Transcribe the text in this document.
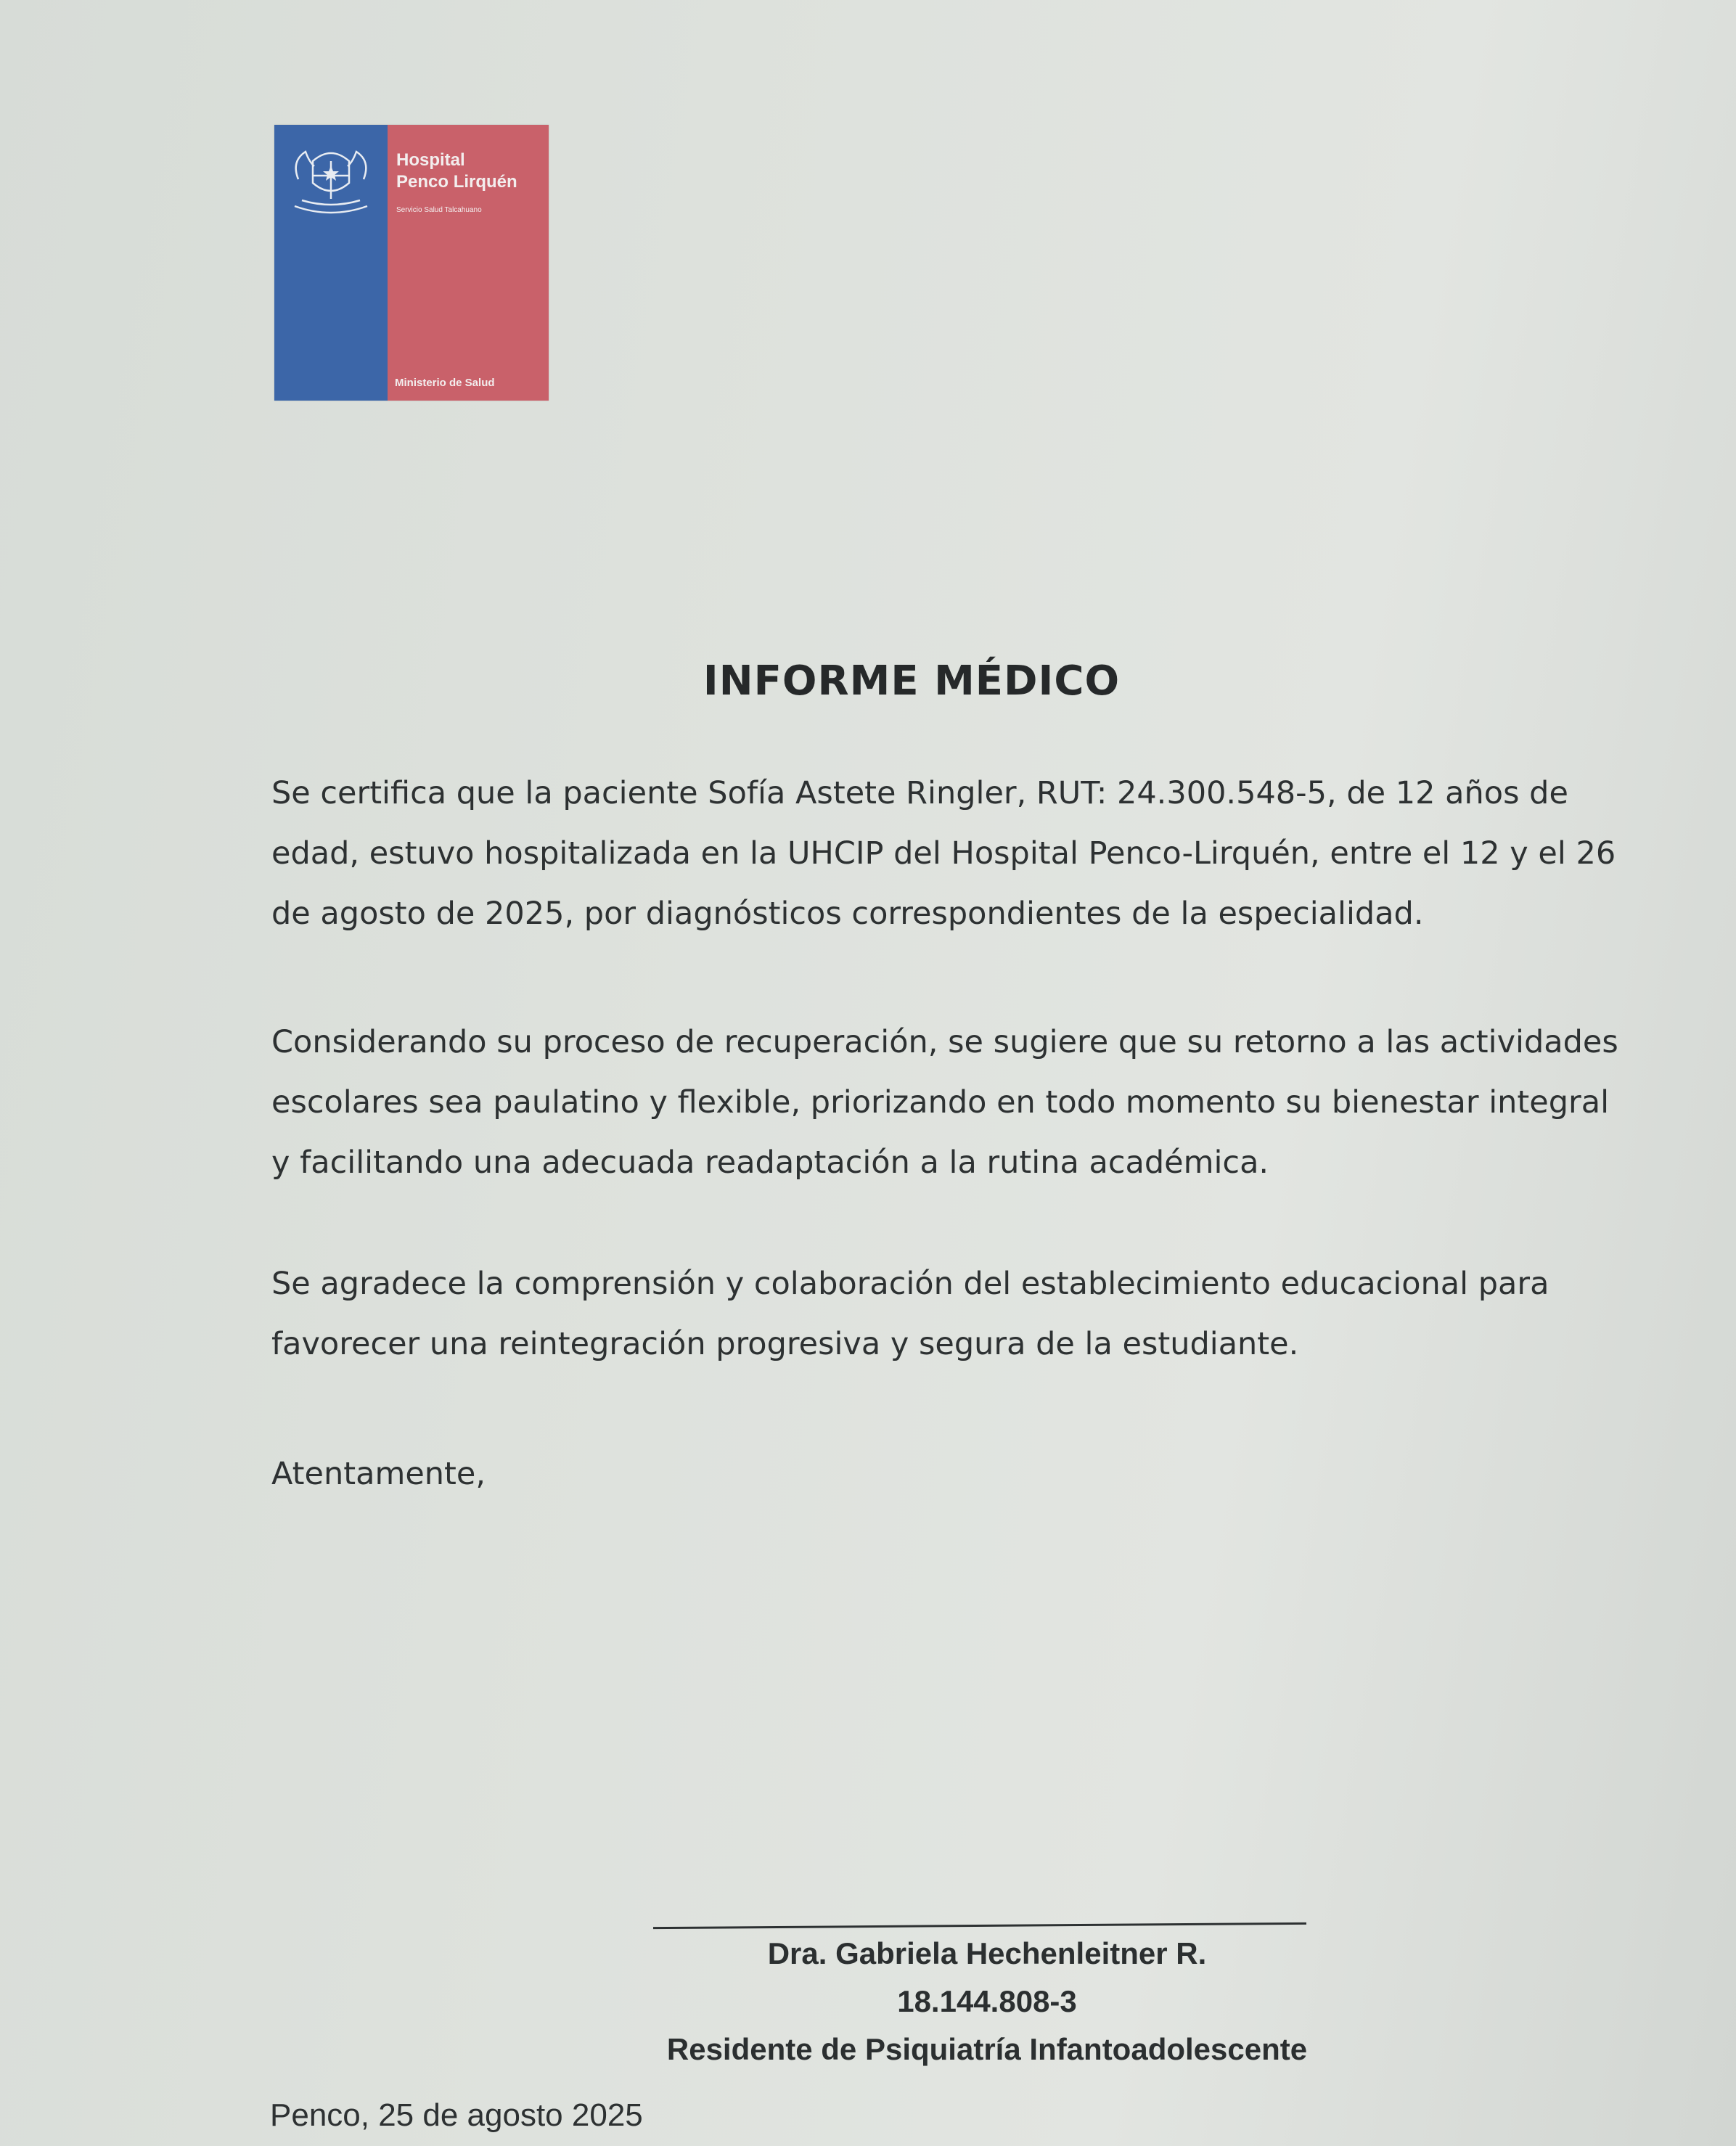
Hospital
Penco Lirquén
Servicio Salud Talcahuano
Ministerio de Salud
INFORME MÉDICO

Se certifica que la paciente Sofía Astete Ringler, RUT: 24.300.548-5, de 12 años de edad, estuvo hospitalizada en la UHCIP del Hospital Penco-Lirquén, entre el 12 y el 26 de agosto de 2025, por diagnósticos correspondientes de la especialidad.

Considerando su proceso de recuperación, se sugiere que su retorno a las actividades escolares sea paulatino y flexible, priorizando en todo momento su bienestar integral y facilitando una adecuada readaptación a la rutina académica.

Se agradece la comprensión y colaboración del establecimiento educacional para favorecer una reintegración progresiva y segura de la estudiante.

Atentamente,

Dra. Gabriela Hechenleitner R.

18.144.808-3

Residente de Psiquiatría Infantoadolescente

Penco, 25 de agosto 2025
